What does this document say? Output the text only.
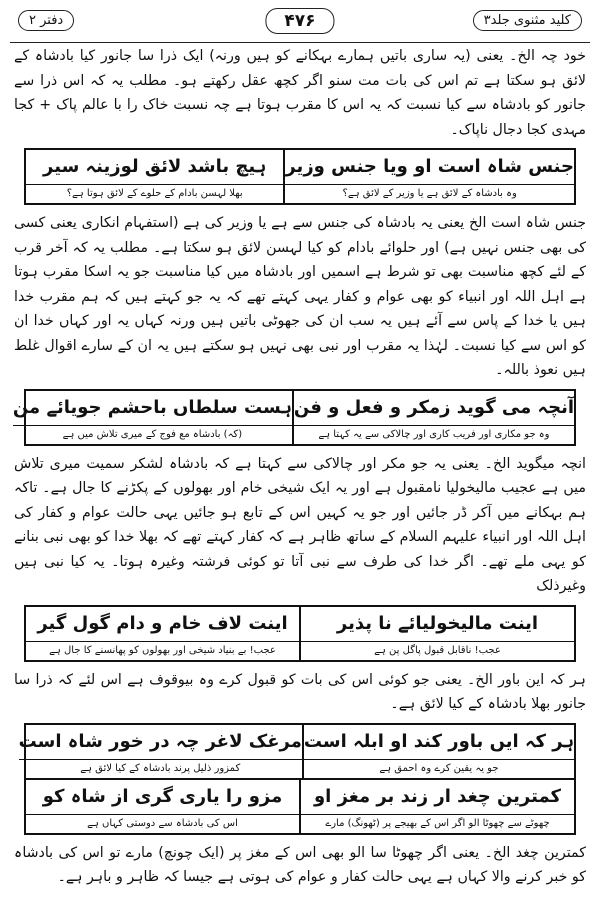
کلید مثنوی جلد۳
۴۷۶
دفتر ۲

خود چہ الخ۔ یعنی (یہ ساری باتیں ہمارے بہکانے کو ہیں ورنہ) ایک ذرا سا جانور کیا بادشاہ کے لائق ہو سکتا ہے تم اس کی بات مت سنو اگر کچھ عقل رکھتے ہو۔ مطلب یہ کہ اس ذرا سے جانور کو بادشاہ سے کیا نسبت کہ یہ اس کا مقرب ہوتا ہے چہ نسبت خاک را با عالم پاک + کجا مہدی کجا دجال ناپاک۔

جنس شاہ است او ویا جنس وزیر
وہ بادشاہ کے لائق ہے یا وزیر کے لائق ہے؟
ہیچ باشد لائق لوزینہ سیر
بھلا لہسن بادام کے حلوے کے لائق ہوتا ہے؟

جنس شاہ است الخ یعنی یہ بادشاہ کی جنس سے ہے یا وزیر کی ہے (استفہام انکاری یعنی کسی کی بھی جنس نہیں ہے) اور حلوائے بادام کو کیا لہسن لائق ہو سکتا ہے۔ مطلب یہ کہ آخر قرب کے لئے کچھ مناسبت بھی تو شرط ہے اسمیں اور بادشاہ میں کیا مناسبت جو یہ اسکا مقرب ہوتا ہے اہل اللہ اور انبیاء کو بھی عوام و کفار یہی کہتے تھے کہ یہ جو کہتے ہیں کہ ہم مقرب خدا ہیں یا خدا کے پاس سے آئے ہیں یہ سب ان کی جھوٹی باتیں ہیں ورنہ کہاں یہ اور کہاں خدا ان کو اس سے کیا نسبت۔ لہٰذا یہ مقرب اور نبی بھی نہیں ہو سکتے ہیں یہ ان کے سارے اقوال غلط ہیں نعوذ باللہ۔

آنچہ می گوید زمکر و فعل و فن
وہ جو مکاری اور فریب کاری اور چالاکی سے یہ کہتا ہے
ہست سلطاں باحشم جویائے من
(کہ) بادشاہ مع فوج کے میری تلاش میں ہے

انچہ میگوید الخ۔ یعنی یہ جو مکر اور چالاکی سے کہتا ہے کہ بادشاہ لشکر سمیت میری تلاش میں ہے عجیب مالیخولیا نامقبول ہے اور یہ ایک شیخی خام اور بھولوں کے پکڑنے کا جال ہے۔ تاکہ ہم بہکانے میں آکر ڈر جائیں اور جو یہ کہیں اس کے تابع ہو جائیں یہی حالت عوام و کفار کی اہل اللہ اور انبیاء علیہم السلام کے ساتھ ظاہر ہے کہ کفار کہتے تھے کہ بھلا خدا کو بھی نبی بنانے کو یہی ملے تھے۔ اگر خدا کی طرف سے نبی آتا تو کوئی فرشتہ وغیرہ ہوتا۔ یہ کیا نبی ہیں وغیرذلک

اینت مالیخولیائے نا پذیر
عجب! ناقابل قبول پاگل پن ہے
اینت لاف خام و دام گول گیر
عجب! بے بنیاد شیخی اور بھولوں کو پھانسنے کا جال ہے

ہر کہ این باور الخ۔ یعنی جو کوئی اس کی بات کو قبول کرے وہ بیوقوف ہے اس لئے کہ ذرا سا جانور بھلا بادشاہ کے کیا لائق ہے۔

ہر کہ ایں باور کند او ابلہ است
جو یہ یقین کرے وہ احمق ہے
مرغک لاغر چہ در خور شاہ است
کمزور ذلیل پرند بادشاہ کے کیا لائق ہے
کمترین چغد ار زند بر مغز او
چھوٹے سے چھوٹا الو اگر اس کے بھیجے پر (ٹھونگ) مارے
مزو را یاری گری از شاہ کو
اس کی بادشاہ سے دوستی کہاں ہے

کمترین چغد الخ۔ یعنی اگر چھوٹا سا الو بھی اس کے مغز پر (ایک چونچ) مارے تو اس کی بادشاہ کو خبر کرنے والا کہاں ہے یہی حالت کفار و عوام کی ہوتی ہے جیسا کہ ظاہر و باہر ہے۔
